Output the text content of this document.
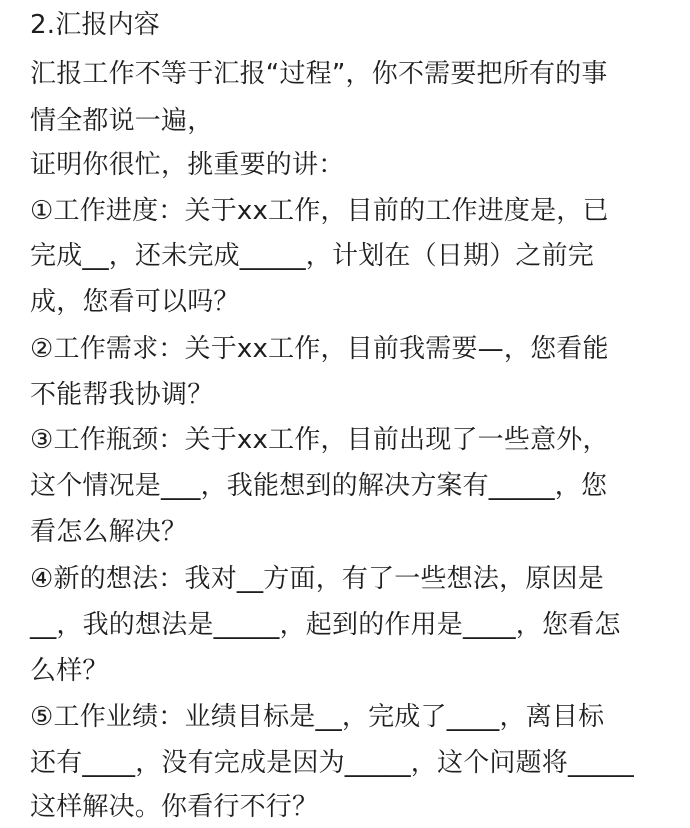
2.汇报内容
汇报工作不等于汇报“过程”，你不需要把所有的事
情全都说一遍，
证明你很忙，挑重要的讲：
①工作进度：关于xx工作，目前的工作进度是，已
完成__，还未完成_____，计划在（日期）之前完
成，您看可以吗？
②工作需求：关于xx工作，目前我需要—，您看能
不能帮我协调？
③工作瓶颈：关于xx工作，目前出现了一些意外，
这个情况是___，我能想到的解决方案有_____，您
看怎么解决？
④新的想法：我对__方面，有了一些想法，原因是
__，我的想法是_____，起到的作用是____，您看怎
么样？
⑤工作业绩：业绩目标是__，完成了____，离目标
还有____，没有完成是因为_____，这个问题将_____
这样解决。你看行不行？
